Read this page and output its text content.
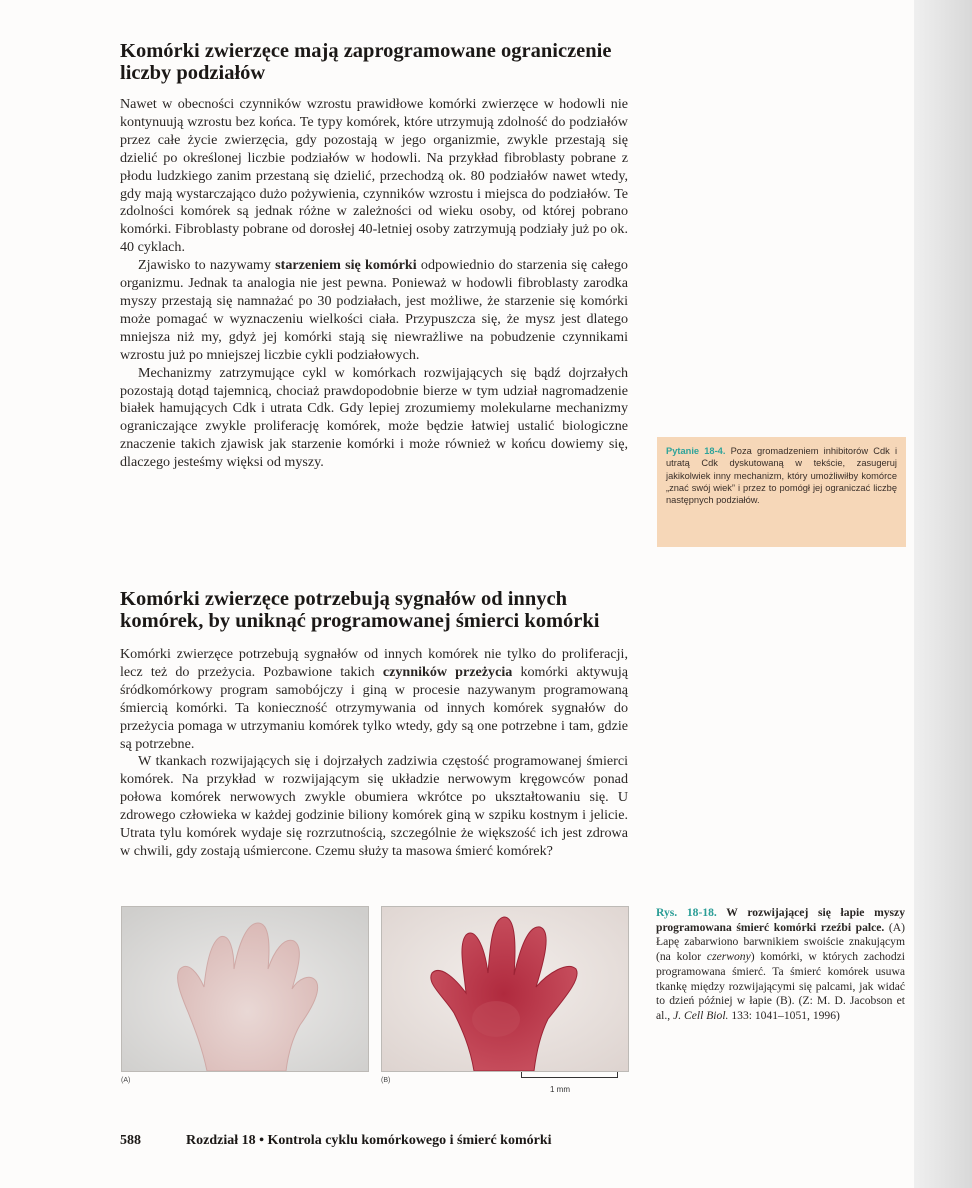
Komórki zwierzęce mają zaprogramowane ograniczenie liczby podziałów

Nawet w obecności czynników wzrostu prawidłowe komórki zwierzęce w hodowli nie kontynuują wzrostu bez końca. Te typy komórek, które utrzymują zdolność do podziałów przez całe życie zwierzęcia, gdy pozostają w jego organizmie, zwykle przestają się dzielić po określonej liczbie podziałów w hodowli. Na przykład fibroblasty pobrane z płodu ludzkiego zanim przestaną się dzielić, przechodzą ok. 80 podziałów nawet wtedy, gdy mają wystarczająco dużo pożywienia, czynników wzrostu i miejsca do podziałów. Te zdolności komórek są jednak różne w zależności od wieku osoby, od której pobrano komórki. Fibroblasty pobrane od dorosłej 40-letniej osoby zatrzymują podziały już po ok. 40 cyklach.

Zjawisko to nazywamy starzeniem się komórki odpowiednio do starzenia się całego organizmu. Jednak ta analogia nie jest pewna. Ponieważ w hodowli fibroblasty zarodka myszy przestają się namnażać po 30 podziałach, jest możliwe, że starzenie się komórki może pomagać w wyznaczeniu wielkości ciała. Przypuszcza się, że mysz jest dlatego mniejsza niż my, gdyż jej komórki stają się niewrażliwe na pobudzenie czynnikami wzrostu już po mniejszej liczbie cykli podziałowych.

Mechanizmy zatrzymujące cykl w komórkach rozwijających się bądź dojrzałych pozostają dotąd tajemnicą, chociaż prawdopodobnie bierze w tym udział nagromadzenie białek hamujących Cdk i utrata Cdk. Gdy lepiej zrozumiemy molekularne mechanizmy ograniczające zwykle proliferację komórek, może będzie łatwiej ustalić biologiczne znaczenie takich zjawisk jak starzenie komórki i może również w końcu dowiemy się, dlaczego jesteśmy więksi od myszy.

Pytanie 18-4. Poza gromadzeniem inhibitorów Cdk i utratą Cdk dyskutowaną w tekście, zasugeruj jakikolwiek inny mechanizm, który umożliwiłby komórce „znać swój wiek” i przez to pomógł jej ograniczać liczbę następnych podziałów.
Komórki zwierzęce potrzebują sygnałów od innych komórek, by uniknąć programowanej śmierci komórki

Komórki zwierzęce potrzebują sygnałów od innych komórek nie tylko do proliferacji, lecz też do przeżycia. Pozbawione takich czynników przeżycia komórki aktywują śródkomórkowy program samobójczy i giną w procesie nazywanym programowaną śmiercią komórki. Ta konieczność otrzymywania od innych komórek sygnałów do przeżycia pomaga w utrzymaniu komórek tylko wtedy, gdy są one potrzebne i tam, gdzie są potrzebne.

W tkankach rozwijających się i dojrzałych zadziwia częstość programowanej śmierci komórek. Na przykład w rozwijającym się układzie nerwowym kręgowców ponad połowa komórek nerwowych zwykle obumiera wkrótce po ukształtowaniu się. U zdrowego człowieka w każdej godzinie biliony komórek giną w szpiku kostnym i jelicie. Utrata tylu komórek wydaje się rozrzutnością, szczególnie że większość ich jest zdrowa w chwili, gdy zostają uśmiercone. Czemu służy ta masowa śmierć komórek?

(A)	(B)
1 mm
Rys. 18-18. W rozwijającej się łapie myszy programowana śmierć komórki rzeźbi palce. (A) Łapę zabarwiono barwnikiem swoiście znakującym (na kolor czerwony) komórki, w których zachodzi programowana śmierć. Ta śmierć komórek usuwa tkankę między rozwijającymi się palcami, jak widać to dzień później w łapie (B). (Z: M. D. Jacobson et al., J. Cell Biol. 133: 1041–1051, 1996)
588	Rozdział 18 • Kontrola cyklu komórkowego i śmierć komórki
